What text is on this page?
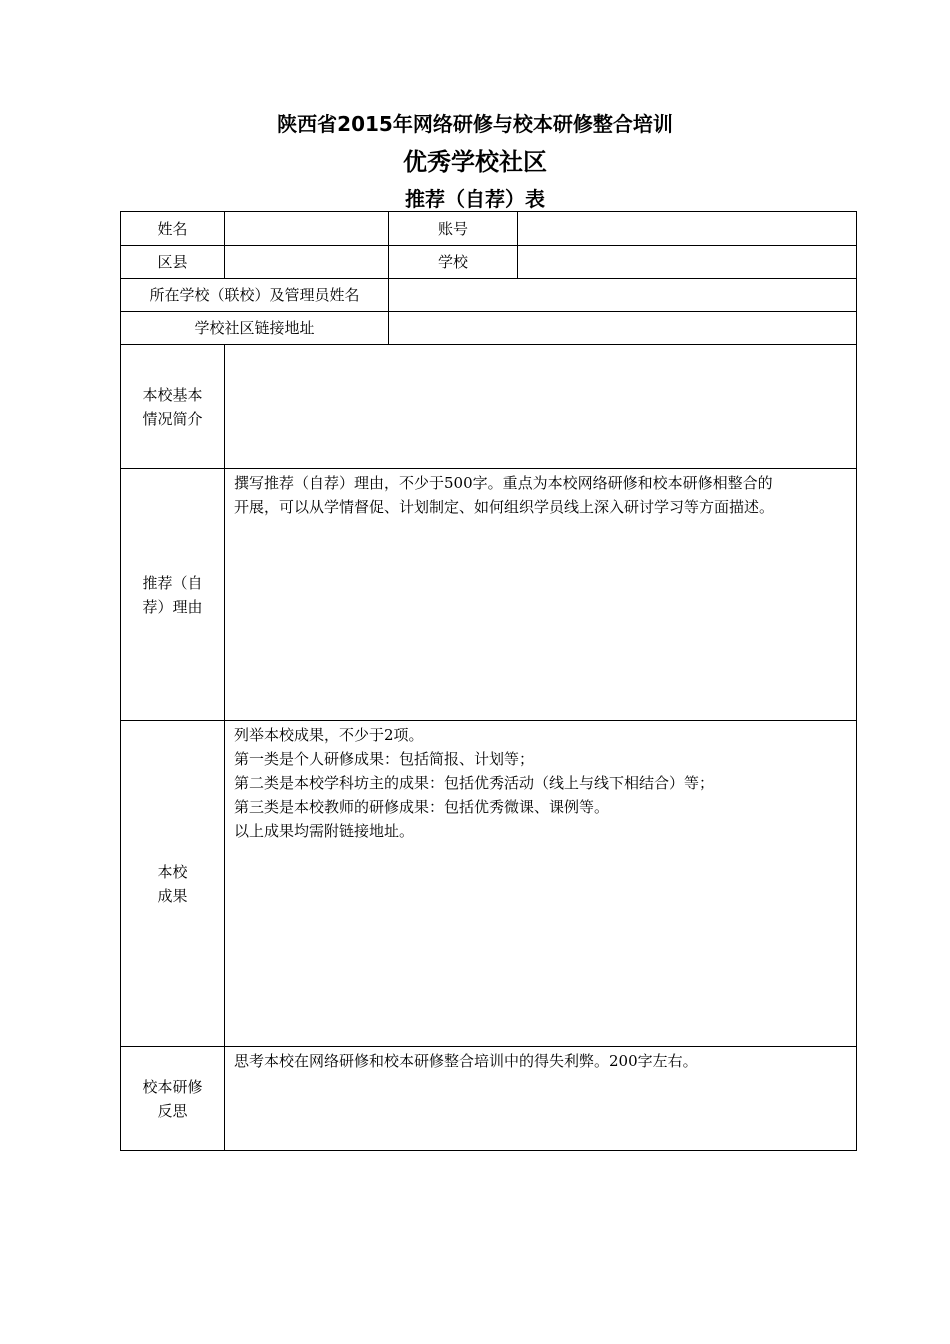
陕西省2015年网络研修与校本研修整合培训
优秀学校社区
推荐（自荐）表
姓名		账号	
区县		学校	
所在学校（联校）及管理员姓名			
学校社区链接地址			

本校基本
情况简介			

推荐（自
荐）理由	撰写推荐（自荐）理由，不少于500字。重点为本校网络研修和校本研修相整合的
开展，可以从学情督促、计划制定、如何组织学员线上深入研讨学习等方面描述。		

本校
成果	列举本校成果，不少于2项。
第一类是个人研修成果：包括简报、计划等；
第二类是本校学科坊主的成果：包括优秀活动（线上与线下相结合）等；
第三类是本校教师的研修成果：包括优秀微课、课例等。
以上成果均需附链接地址。		

校本研修
反思	思考本校在网络研修和校本研修整合培训中的得失利弊。200字左右。		
